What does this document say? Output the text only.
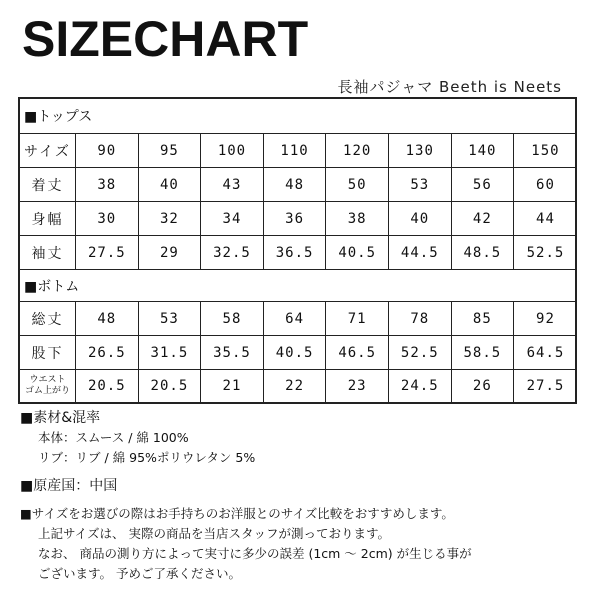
SIZECHART
長袖パジャマ Beeth is Neets
■トップス
サイズ	90	95	100	110	120	130	140	150
着丈	38	40	43	48	50	53	56	60
身幅	30	32	34	36	38	40	42	44
袖丈	27.5	29	32.5	36.5	40.5	44.5	48.5	52.5
■ボトム
総丈	48	53	58	64	71	78	85	92
股下	26.5	31.5	35.5	40.5	46.5	52.5	58.5	64.5
ウエスト
ゴム上がり	20.5	20.5	21	22	23	24.5	26	27.5
■素材&混率
本体：スムース / 綿 100%
リブ：リブ / 綿 95%ポリウレタン 5%
■原産国：中国
■サイズをお選びの際はお手持ちのお洋服とのサイズ比較をおすすめします。
上記サイズは、 実際の商品を当店スタッフが測っております。
なお、 商品の測り方によって実寸に多少の誤差 (1cm ～ 2cm) が生じる事が
ございます。 予めご了承ください。
